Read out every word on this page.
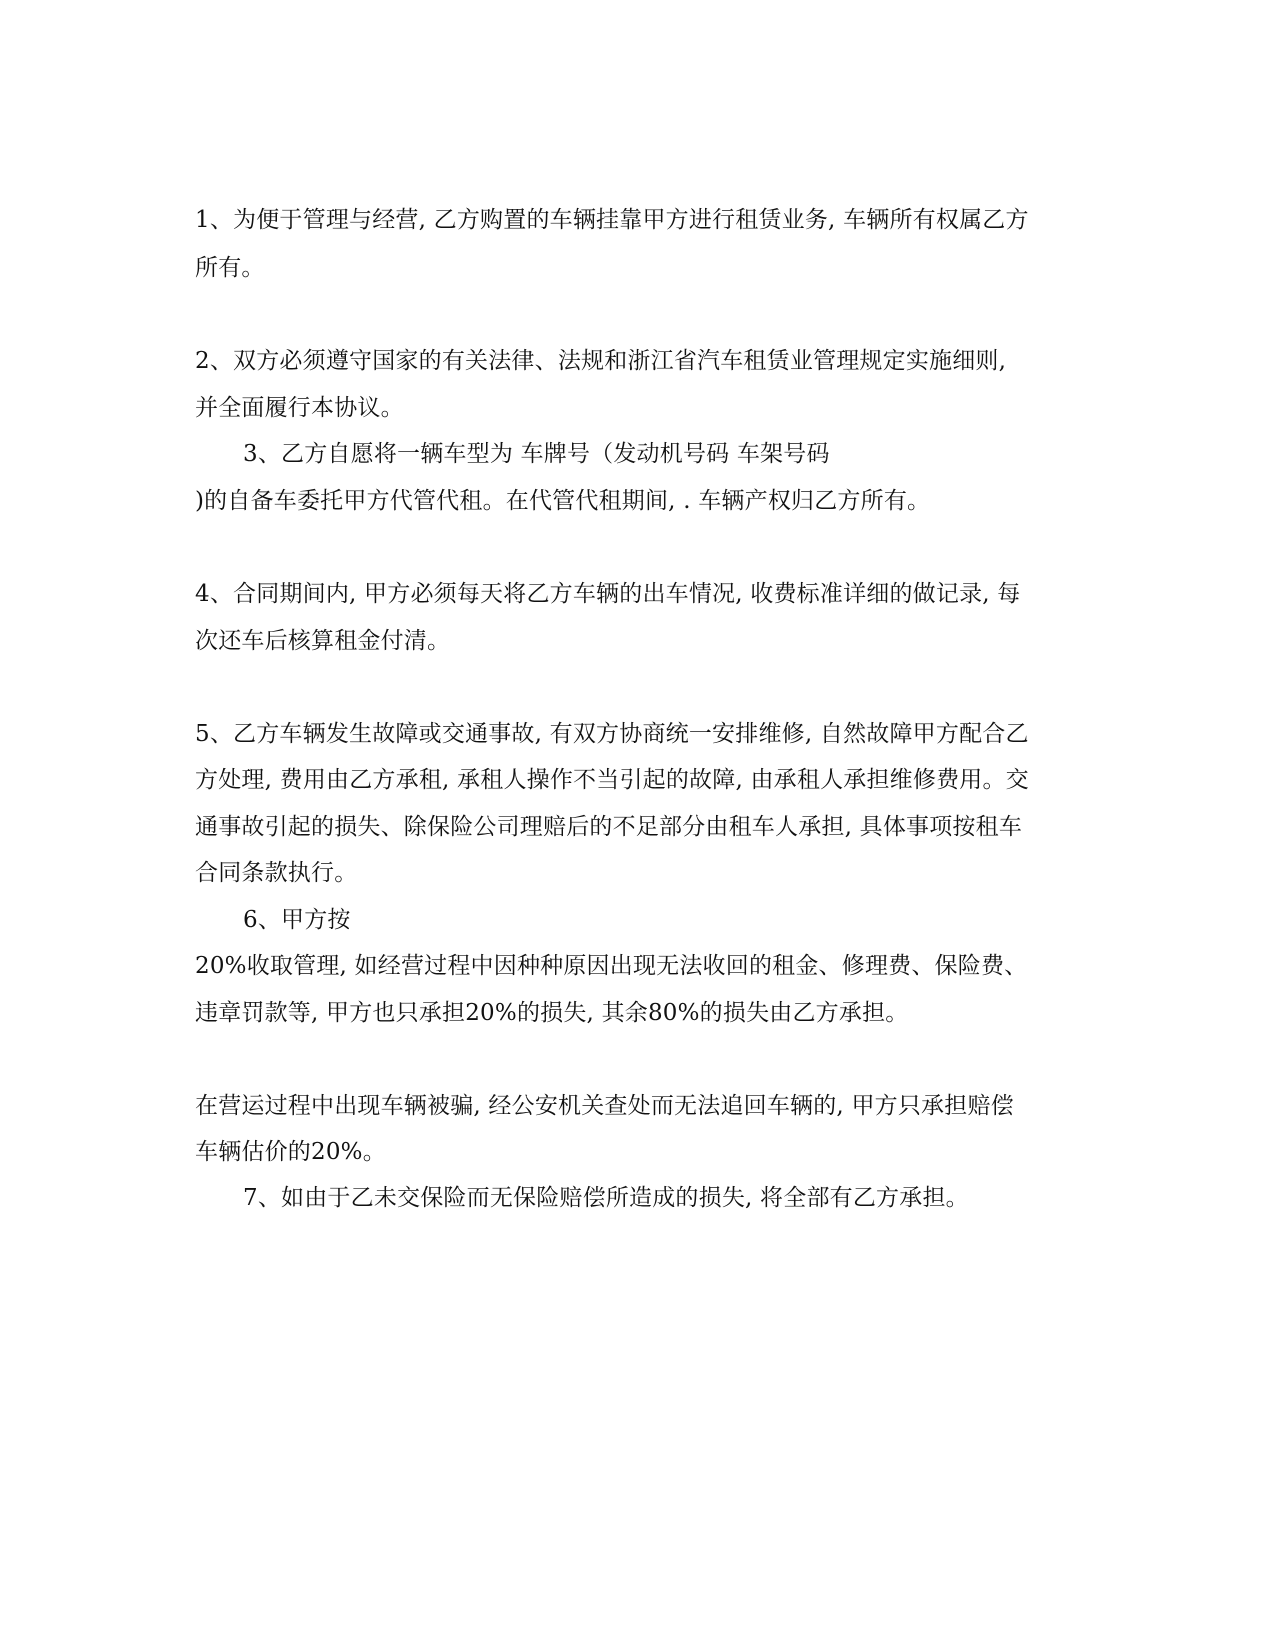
1、为便于管理与经营, 乙方购置的车辆挂靠甲方进行租赁业务, 车辆所有权属乙方
所有。
2、双方必须遵守国家的有关法律、法规和浙江省汽车租赁业管理规定实施细则,
并全面履行本协议。
3、乙方自愿将一辆车型为 车牌号（发动机号码 车架号码
)的自备车委托甲方代管代租。在代管代租期间, . 车辆产权归乙方所有。
4、合同期间内, 甲方必须每天将乙方车辆的出车情况, 收费标准详细的做记录, 每
次还车后核算租金付清。
5、乙方车辆发生故障或交通事故, 有双方协商统一安排维修, 自然故障甲方配合乙
方处理, 费用由乙方承租, 承租人操作不当引起的故障, 由承租人承担维修费用。交
通事故引起的损失、除保险公司理赔后的不足部分由租车人承担, 具体事项按租车
合同条款执行。
6、甲方按
20%收取管理, 如经营过程中因种种原因出现无法收回的租金、修理费、保险费、
违章罚款等, 甲方也只承担20%的损失, 其余80%的损失由乙方承担。
在营运过程中出现车辆被骗, 经公安机关查处而无法追回车辆的, 甲方只承担赔偿
车辆估价的20%。
7、如由于乙未交保险而无保险赔偿所造成的损失, 将全部有乙方承担。
